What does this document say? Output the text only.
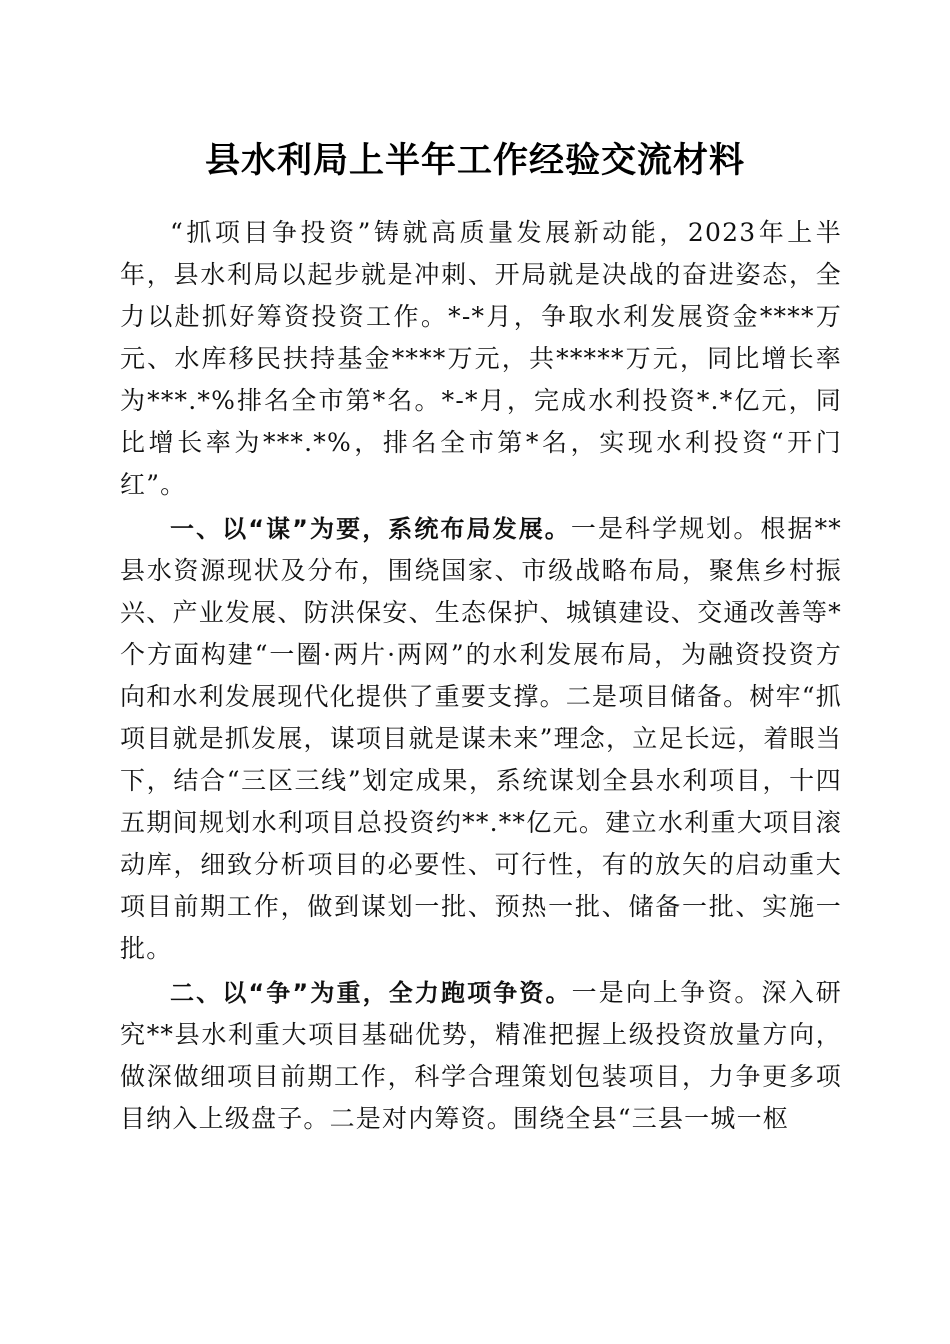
县水利局上半年工作经验交流材料

“抓项目争投资”铸就高质量发展新动能，2023年上半年，县水利局以起步就是冲刺、开局就是决战的奋进姿态，全力以赴抓好筹资投资工作。*-*月，争取水利发展资金****万元、水库移民扶持基金****万元，共*****万元，同比增长率为***.*%排名全市第*名。*-*月，完成水利投资*.*亿元，同比增长率为***.*%，排名全市第*名，实现水利投资“开门红”。

一、以“谋”为要，系统布局发展。一是科学规划。根据**县水资源现状及分布，围绕国家、市级战略布局，聚焦乡村振兴、产业发展、防洪保安、生态保护、城镇建设、交通改善等*个方面构建“一圈·两片·两网”的水利发展布局，为融资投资方向和水利发展现代化提供了重要支撑。二是项目储备。树牢“抓项目就是抓发展，谋项目就是谋未来”理念，立足长远，着眼当下，结合“三区三线”划定成果，系统谋划全县水利项目，十四五期间规划水利项目总投资约**.**亿元。建立水利重大项目滚动库，细致分析项目的必要性、可行性，有的放矢的启动重大项目前期工作，做到谋划一批、预热一批、储备一批、实施一批。

二、以“争”为重，全力跑项争资。一是向上争资。深入研究**县水利重大项目基础优势，精准把握上级投资放量方向，做深做细项目前期工作，科学合理策划包装项目，力争更多项目纳入上级盘子。二是对内筹资。围绕全县“三县一城一枢
